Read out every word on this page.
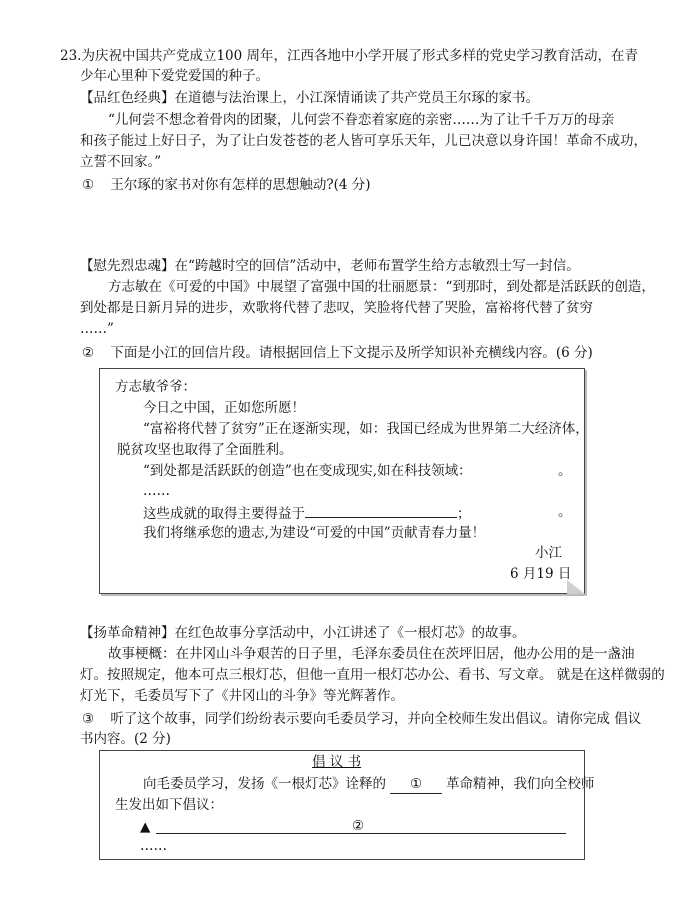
23.为庆祝中国共产党成立100 周年，江西各地中小学开展了形式多样的党史学习教育活动，在青
少年心里种下爱党爱国的种子。
【品红色经典】在道德与法治课上，小江深情诵读了共产党员王尔琢的家书。
“儿何尝不想念着骨肉的团聚，儿何尝不眷恋着家庭的亲密……为了让千千万万的母亲
和孩子能过上好日子，为了让白发苍苍的老人皆可享乐天年，儿已决意以身许国！革命不成功，
立誓不回家。”
① 王尔琢的家书对你有怎样的思想触动?(4 分)
【慰先烈忠魂】在“跨越时空的回信”活动中，老师布置学生给方志敏烈士写一封信。
方志敏在《可爱的中国》中展望了富强中国的壮丽愿景：“到那时，到处都是活跃跃的创造，
到处都是日新月异的进步，欢歌将代替了悲叹，笑脸将代替了哭脸，富裕将代替了贫穷
……”
② 下面是小江的回信片段。请根据回信上下文提示及所学知识补充横线内容。(6 分)
方志敏爷爷：
今日之中国，正如您所愿！
“富裕将代替了贫穷”正在逐渐实现，如：我国已经成为世界第二大经济体，
脱贫攻坚也取得了全面胜利。
“到处都是活跃跃的创造”也在变成现实,如在科技领域：	。
……
这些成就的取得主要得益于	；	。
我们将继承您的遗志,为建设“可爱的中国”贡献青春力量！
小江
6 月19 日
【扬革命精神】在红色故事分享活动中，小江讲述了《一根灯芯》的故事。
故事梗概：在井冈山斗争艰苦的日子里，毛泽东委员住在茨坪旧居，他办公用的是一盏油
灯。按照规定，他本可点三根灯芯，但他一直用一根灯芯办公、看书、写文章。 就是在这样微弱的
灯光下，毛委员写下了《井冈山的斗争》等光辉著作。
③ 听了这个故事，同学们纷纷表示要向毛委员学习，并向全校师生发出倡议。请你完成 倡议
书内容。(2 分)
倡 议 书
向毛委员学习，发扬《一根灯芯》诠释的 ① 革命精神，我们向全校师
生发出如下倡议：
▲	②
……
